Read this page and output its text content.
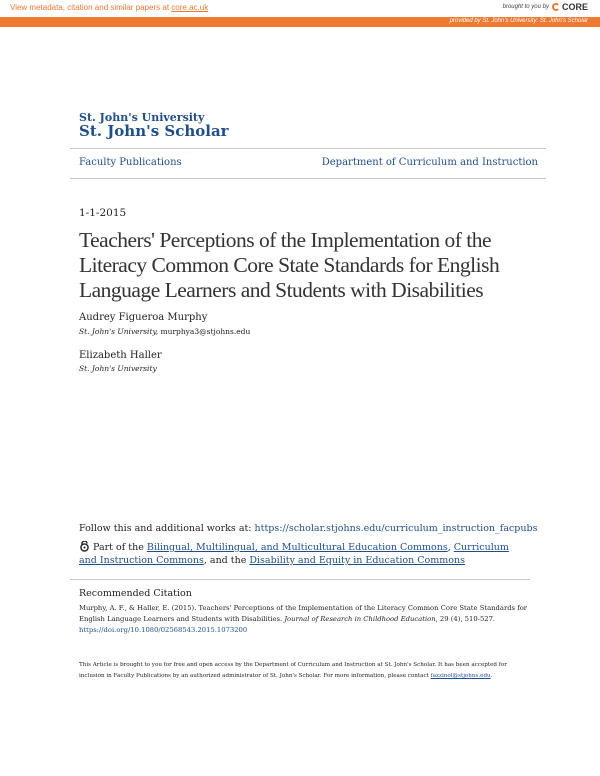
View metadata, citation and similar papers at core.ac.uk	brought to you by CORE
provided by St. John's University: St. John's Scholar
St. John's University
St. John's Scholar
Faculty Publications	Department of Curriculum and Instruction
1-1-2015
Teachers' Perceptions of the Implementation of the Literacy Common Core State Standards for English Language Learners and Students with Disabilities
Audrey Figueroa Murphy
St. John's University, murphya3@stjohns.edu
Elizabeth Haller
St. John's University
Follow this and additional works at: https://scholar.stjohns.edu/curriculum_instruction_facpubs
Part of the Bilingual, Multilingual, and Multicultural Education Commons, Curriculum and Instruction Commons, and the Disability and Equity in Education Commons
Recommended Citation
Murphy, A. F., & Haller, E. (2015). Teachers' Perceptions of the Implementation of the Literacy Common Core State Standards for English Language Learners and Students with Disabilities. Journal of Research in Childhood Education, 29 (4), 510-527.
https://doi.org/10.1080/02568543.2015.1073200
This Article is brought to you for free and open access by the Department of Curriculum and Instruction at St. John's Scholar. It has been accepted for inclusion in Faculty Publications by an authorized administrator of St. John's Scholar. For more information, please contact fazzinol@stjohns.edu.
